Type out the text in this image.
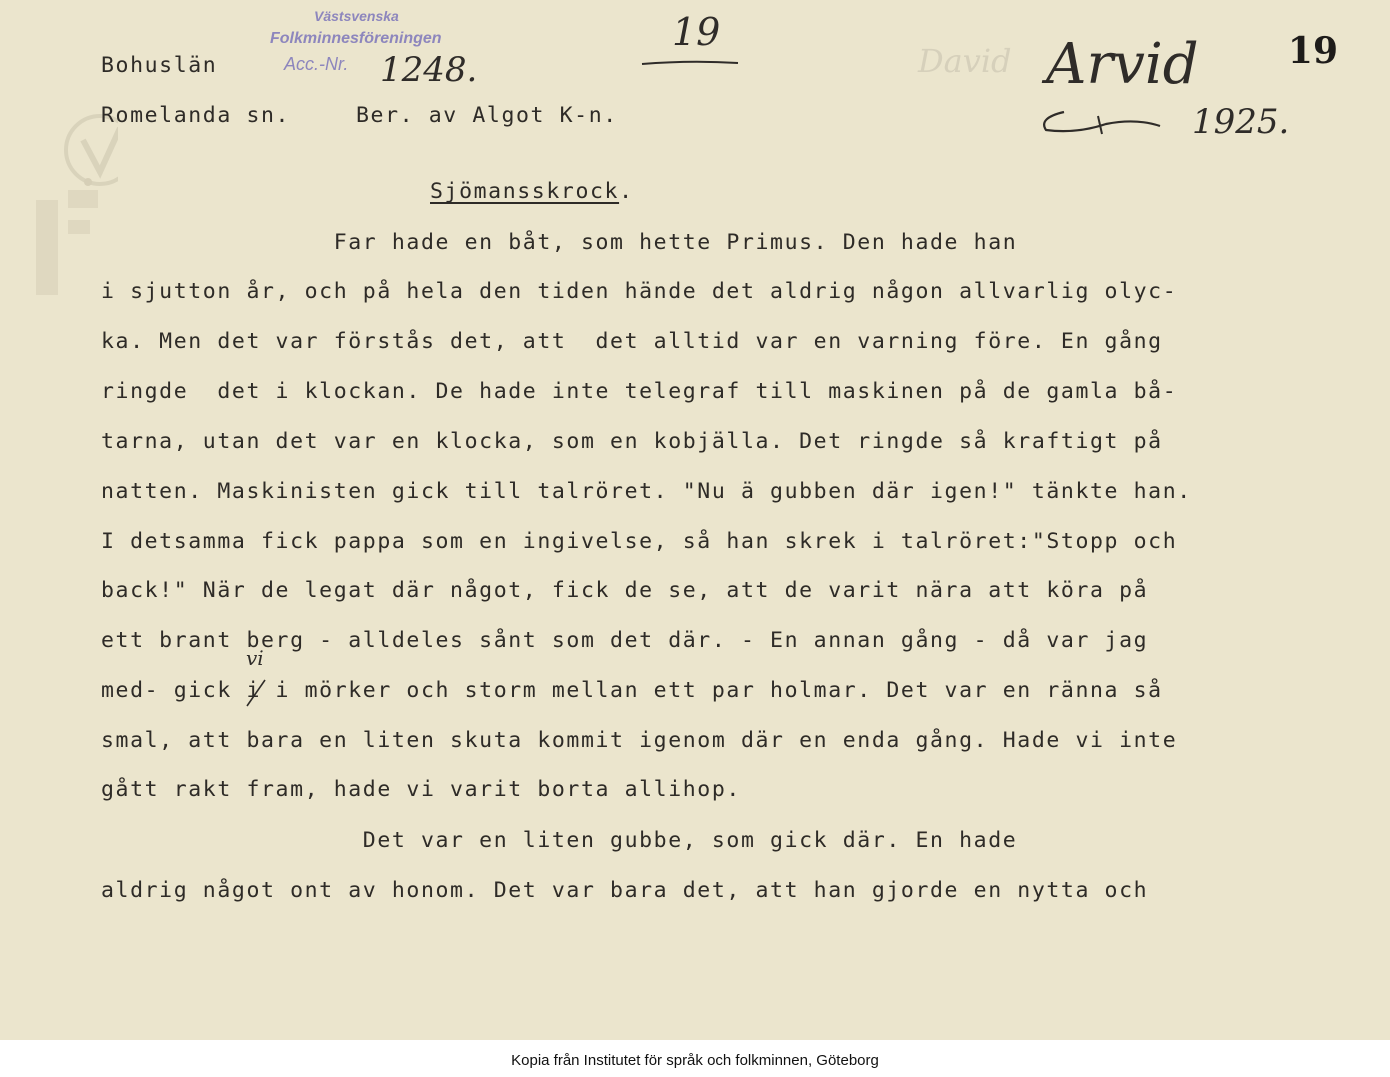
Bohuslän
Romelanda sn.	Ber. av Algot K-n.
Västsvenska
Folkminnesföreningen
Acc.-Nr. 1248.
19
David Arvid
1925.
19
Sjömansskrock.
Far hade en båt, som hette Primus. Den hade han
i sjutton år, och på hela den tiden hände det aldrig någon allvarlig olyc-
ka. Men det var förstås det, att  det alltid var en varning före. En gång
ringde  det i klockan. De hade inte telegraf till maskinen på de gamla bå-
tarna, utan det var en klocka, som en kobjälla. Det ringde så kraftigt på
natten. Maskinisten gick till talröret. "Nu ä gubben där igen!" tänkte han.
I detsamma fick pappa som en ingivelse, så han skrek i talröret:"Stopp och
back!" När de legat där något, fick de se, att de varit nära att köra på
ett brant berg - alldeles sånt som det där. - En annan gång - då var jag
med- gick i i mörker och storm mellan ett par holmar. Det var en ränna så
smal, att bara en liten skuta kommit igenom där en enda gång. Hade vi inte
gått rakt fram, hade vi varit borta allihop.
Det var en liten gubbe, som gick där. En hade
aldrig något ont av honom. Det var bara det, att han gjorde en nytta och
vi
Kopia från Institutet för språk och folkminnen, Göteborg
